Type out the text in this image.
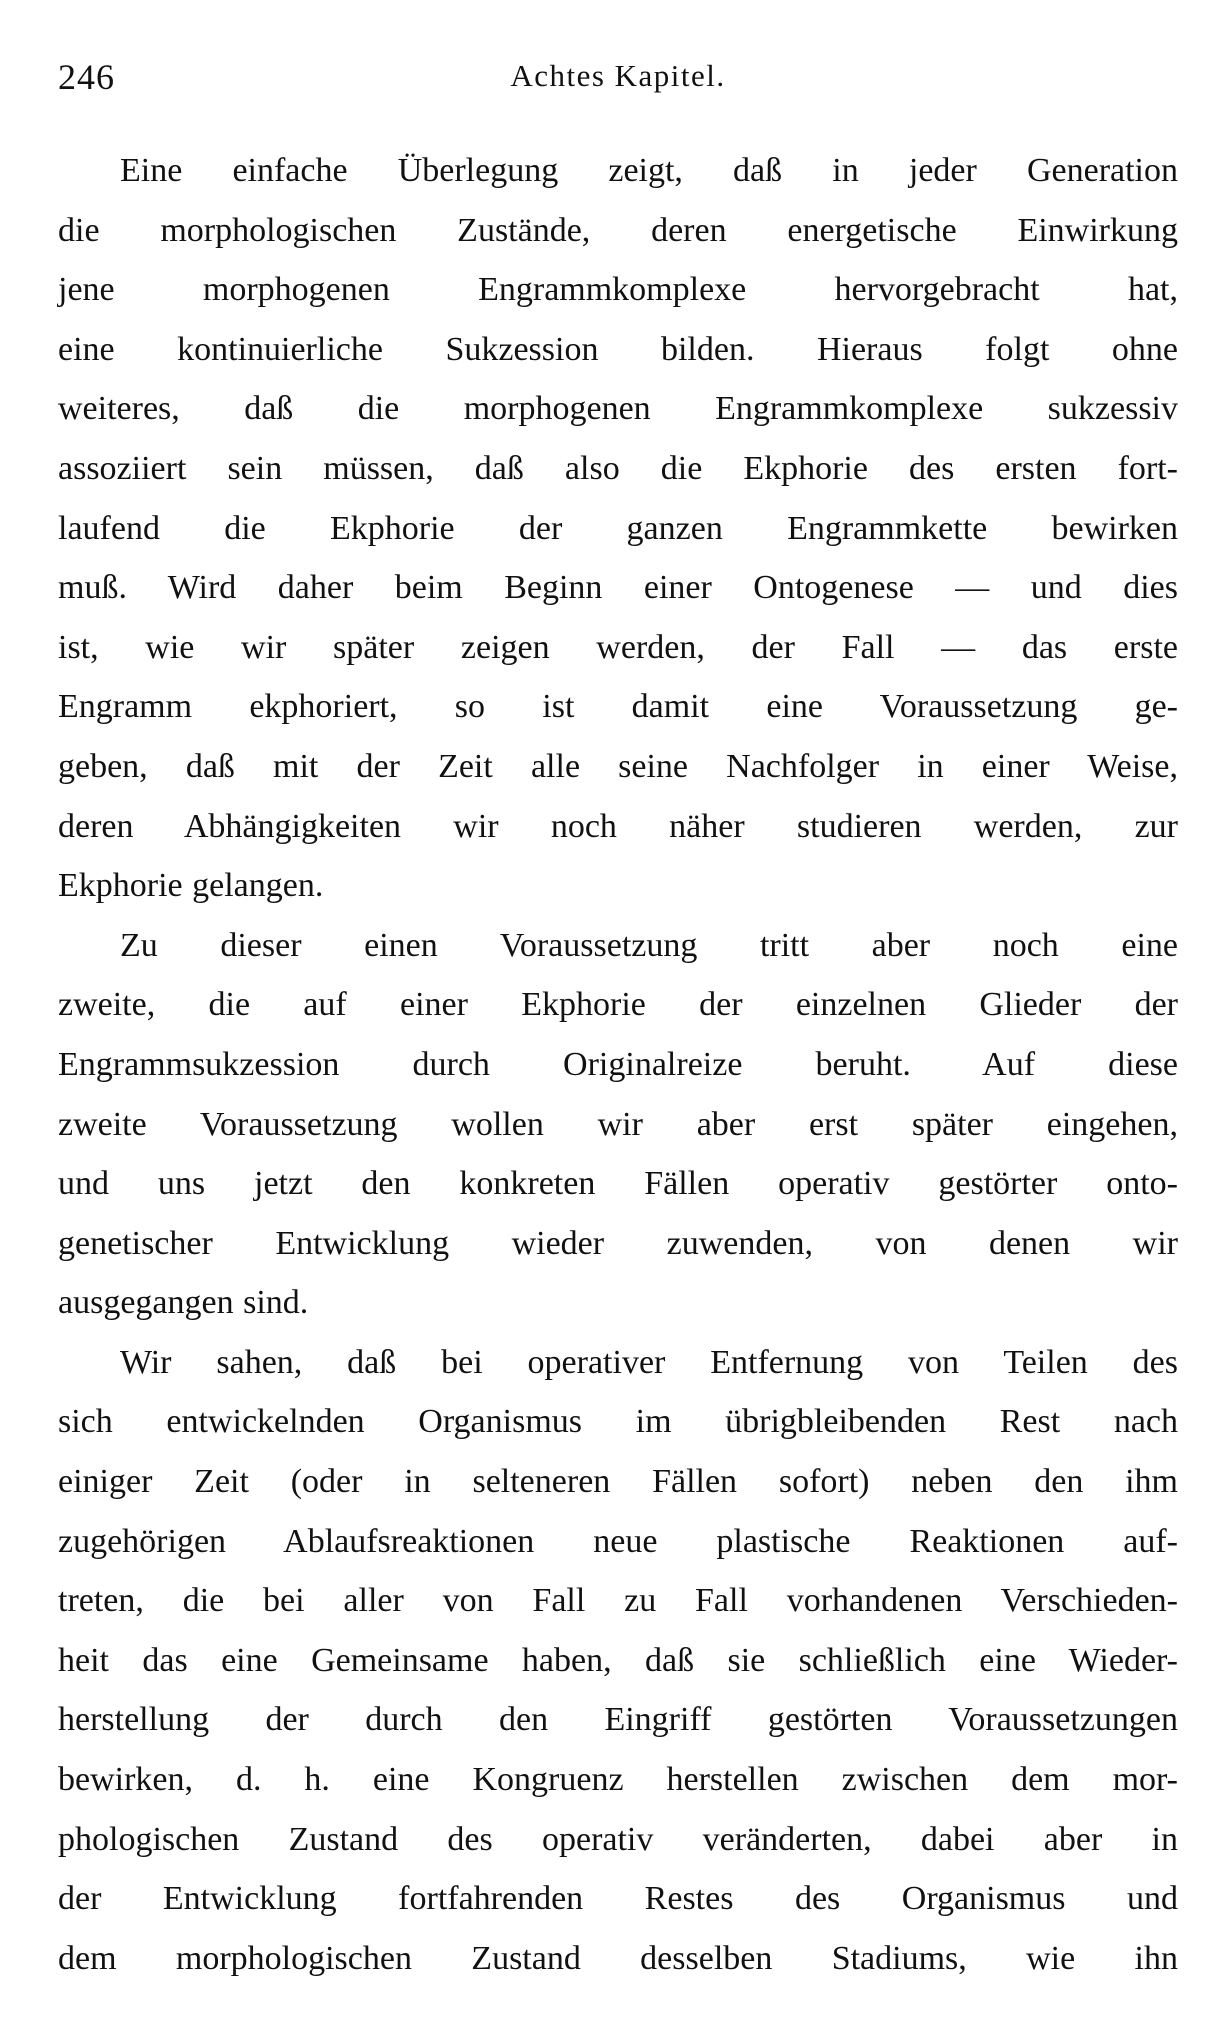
246	Achtes Kapitel.
Eine einfache Überlegung zeigt, daß in jeder Generation
die morphologischen Zustände, deren energetische Einwirkung
jene morphogenen Engrammkomplexe hervorgebracht hat,
eine kontinuierliche Sukzession bilden. Hieraus folgt ohne
weiteres, daß die morphogenen Engrammkomplexe sukzessiv
assoziiert sein müssen, daß also die Ekphorie des ersten fort-
laufend die Ekphorie der ganzen Engrammkette bewirken
muß. Wird daher beim Beginn einer Ontogenese — und dies
ist, wie wir später zeigen werden, der Fall — das erste
Engramm ekphoriert, so ist damit eine Voraussetzung ge-
geben, daß mit der Zeit alle seine Nachfolger in einer Weise,
deren Abhängigkeiten wir noch näher studieren werden, zur
Ekphorie gelangen.
Zu dieser einen Voraussetzung tritt aber noch eine
zweite, die auf einer Ekphorie der einzelnen Glieder der
Engrammsukzession durch Originalreize beruht. Auf diese
zweite Voraussetzung wollen wir aber erst später eingehen,
und uns jetzt den konkreten Fällen operativ gestörter onto-
genetischer Entwicklung wieder zuwenden, von denen wir
ausgegangen sind.
Wir sahen, daß bei operativer Entfernung von Teilen des
sich entwickelnden Organismus im übrigbleibenden Rest nach
einiger Zeit (oder in selteneren Fällen sofort) neben den ihm
zugehörigen Ablaufsreaktionen neue plastische Reaktionen auf-
treten, die bei aller von Fall zu Fall vorhandenen Verschieden-
heit das eine Gemeinsame haben, daß sie schließlich eine Wieder-
herstellung der durch den Eingriff gestörten Voraussetzungen
bewirken, d. h. eine Kongruenz herstellen zwischen dem mor-
phologischen Zustand des operativ veränderten, dabei aber in
der Entwicklung fortfahrenden Restes des Organismus und
dem morphologischen Zustand desselben Stadiums, wie ihn
